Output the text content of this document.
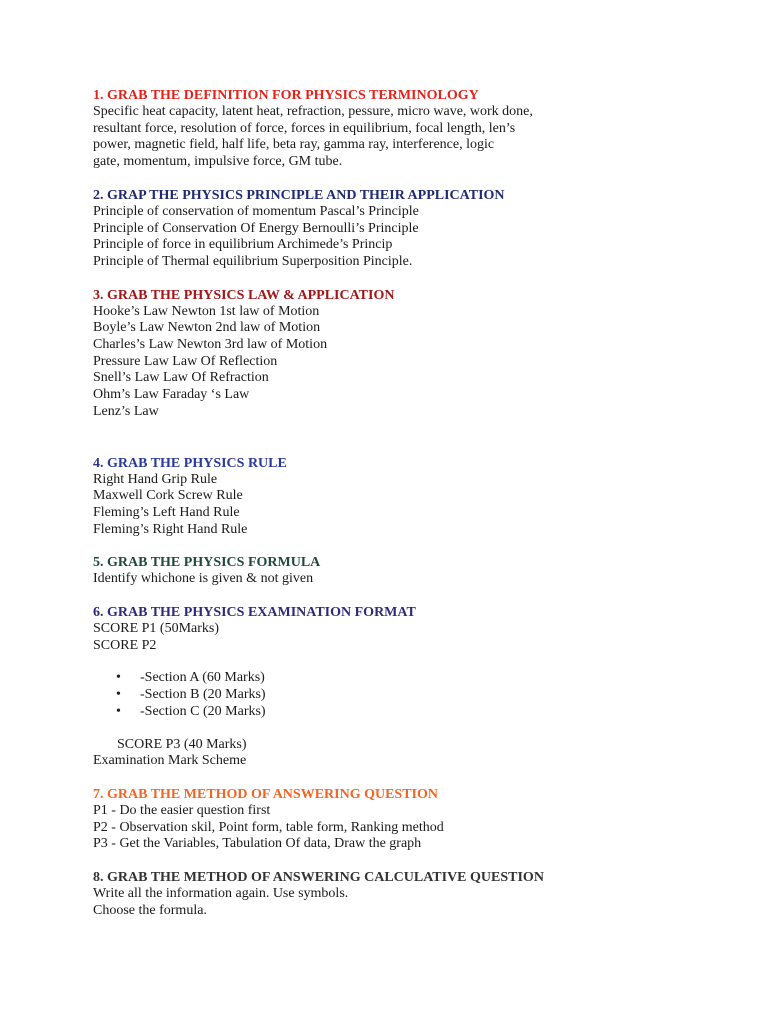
1. GRAB THE DEFINITION FOR PHYSICS TERMINOLOGY

Specific heat capacity, latent heat, refraction, pessure, micro wave, work done,

resultant force, resolution of force, forces in equilibrium, focal length, len’s

power, magnetic field, half life, beta ray, gamma ray, interference, logic

gate, momentum, impulsive force, GM tube.

2. GRAP THE PHYSICS PRINCIPLE AND THEIR APPLICATION

Principle of conservation of momentum Pascal’s Principle

Principle of Conservation Of Energy Bernoulli’s Principle

Principle of force in equilibrium Archimede’s Princip

Principle of Thermal equilibrium Superposition Pinciple.

3. GRAB THE PHYSICS LAW & APPLICATION

Hooke’s Law Newton 1st law of Motion

Boyle’s Law Newton 2nd law of Motion

Charles’s Law Newton 3rd law of Motion

Pressure Law Law Of Reflection

Snell’s Law Law Of Refraction

Ohm’s Law Faraday ‘s Law

Lenz’s Law

4. GRAB THE PHYSICS RULE

Right Hand Grip Rule

Maxwell Cork Screw Rule

Fleming’s Left Hand Rule

Fleming’s Right Hand Rule

5. GRAB THE PHYSICS FORMULA

Identify whichone is given & not given

6. GRAB THE PHYSICS EXAMINATION FORMAT

SCORE P1 (50Marks)

SCORE P2

• -Section A (60 Marks)
• -Section B (20 Marks)
• -Section C (20 Marks)

SCORE P3 (40 Marks)

Examination Mark Scheme

7. GRAB THE METHOD OF ANSWERING QUESTION

P1 - Do the easier question first

P2 - Observation skil, Point form, table form, Ranking method

P3 - Get the Variables, Tabulation Of data, Draw the graph

8. GRAB THE METHOD OF ANSWERING CALCULATIVE QUESTION

Write all the information again. Use symbols.

Choose the formula.
